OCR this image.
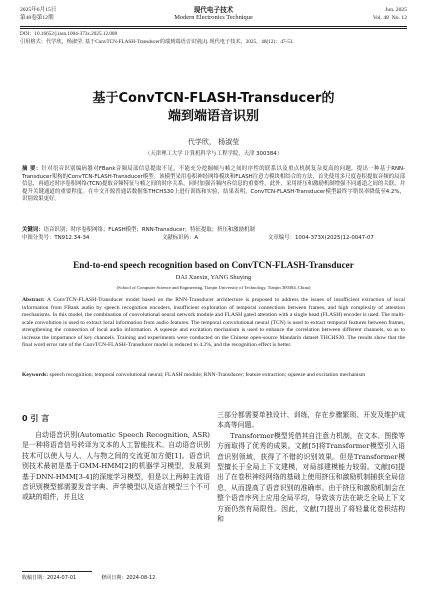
2025年6月15日
第48卷第12期
现代电子技术
Modern Electronics Technique
Jun. 2025
Vol. 48  No. 12
DOI：10.16652/j.issn.1004-373x.2025.12.008
引用格式：代学欣，杨淑莹. 基于ConvTCN-FLASH-Transducer的端到端语音识别[J]. 现代电子技术，2025，48(12)：47-53.
基于ConvTCN-FLASH-Transducer的
端到端语音识别
代学欣， 杨淑莹
（天津理工大学 计算机科学与工程学院，天津 300384）
摘 要：针对语音识别编码器对FBank音频局部信息提取不足，不能充分挖掘帧与帧之间时序性的联系以及重点机制复杂度高的问题，提出一种基于RNN-Transducer架构的ConvTCN-FLASH-Transducer模型。该模型采用卷积神经网络模块和FLASH注意力模块相结合的方法，首先使用多尺度卷积提取音频的局部信息，再通过时序卷积网络(TCN)提取音频特征与帧之间的时序关系，同时加强音频内容信息的重要性。此外，采用挤压和激励机制增强不同通道之间的关联，并提升关键通道的重要程度。在中文开源普通话数据集THCHS30上进行训练和实验，结果表明，ConvTCN-FLASH-Transducer模型最终字错误率降低至4.2%，识别效果更好。
关键词：语音识别；时序卷积网络；FLASH模型；RNN-Transducer；特征提取；挤压和激励机制
中图分类号：TN912.34-34	文献标识码：A	文章编号：1004-373X(2025)12-0047-07
End-to-end speech recognition based on ConvTCN-FLASH-Transducer
DAI Xuexin, YANG Shuying
(School of Computer Science and Engineering, Tianjin University of Technology, Tianjin 300384, China)
Abstract: A ConvTCN-FLASH-Transducer model based on the RNN-Transducer architecture is proposed to address the issues of insufficient extraction of local information from FBank audio by speech recognition encoders, insufficient exploration of temporal connections between frames, and high complexity of attention mechanisms. In this model, the combination of convolutional neural network module and FLASH gated attention with a single head (FLASH) encoder is used. The multi-scale convolution is used to extract local information from audio features. The temporal convolutional neural (TCN) is used to extract temporal features between frames, strengthening the connection of local audio information. A squeeze and excitation mechanism is used to enhance the correlation between different channels, so as to increase the importance of key channels. Training and experiments were conducted on the Chinese open-source Mandarin dataset THCHS30. The results show that the final word error rate of the ConvTCN-FLASH-Transducer model is reduced to 4.2%, and the recognition effect is better.
Keywords: speech recognition; temporal convolutional neural; FLASH module; RNN-Transducer; feature extraction; squeeze and excitation mechanism
0 引 言

自动语音识别(Automatic Speech Recognition, ASR)是一种将语音信号转译为文本的人工智能技术。自动语音识别技术可以使人与人、人与物之间的交流更加方便[1]。语音识别技术最初是基于GMM-HMM[2]的机器学习模型，发展到基于DNN-HMM[3-4]的深度学习模型，但是以上两种主流语音识别模型都需要发音字典、声学模型以及语言模型三个不可或缺的组件，并且这

三部分都需要单独设计、训练，存在步骤繁琐、开发及维护成本高等问题。

Transformer模型凭借其自注意力机制，在文本、图像等方面取得了优秀的成果。文献[5]将Transformer模型引入语音识别领域，获得了不错的识别效果。但是Transformer模型擅长于全局上下文建模，对局部建模能力较弱。文献[6]提出了在卷积神经网络的基础上使用挤压和激励机制捕获全局信息，从而提高了语音识别的准确率。由于挤压和激励机制会在整个语音序列上应用全局平均，导致该方法在缺乏全局上下文方面仍然有局限性。因此，文献[7]提出了将轻量化卷积结构和

收稿日期：2024-07-01	修回日期：2024-08-12
